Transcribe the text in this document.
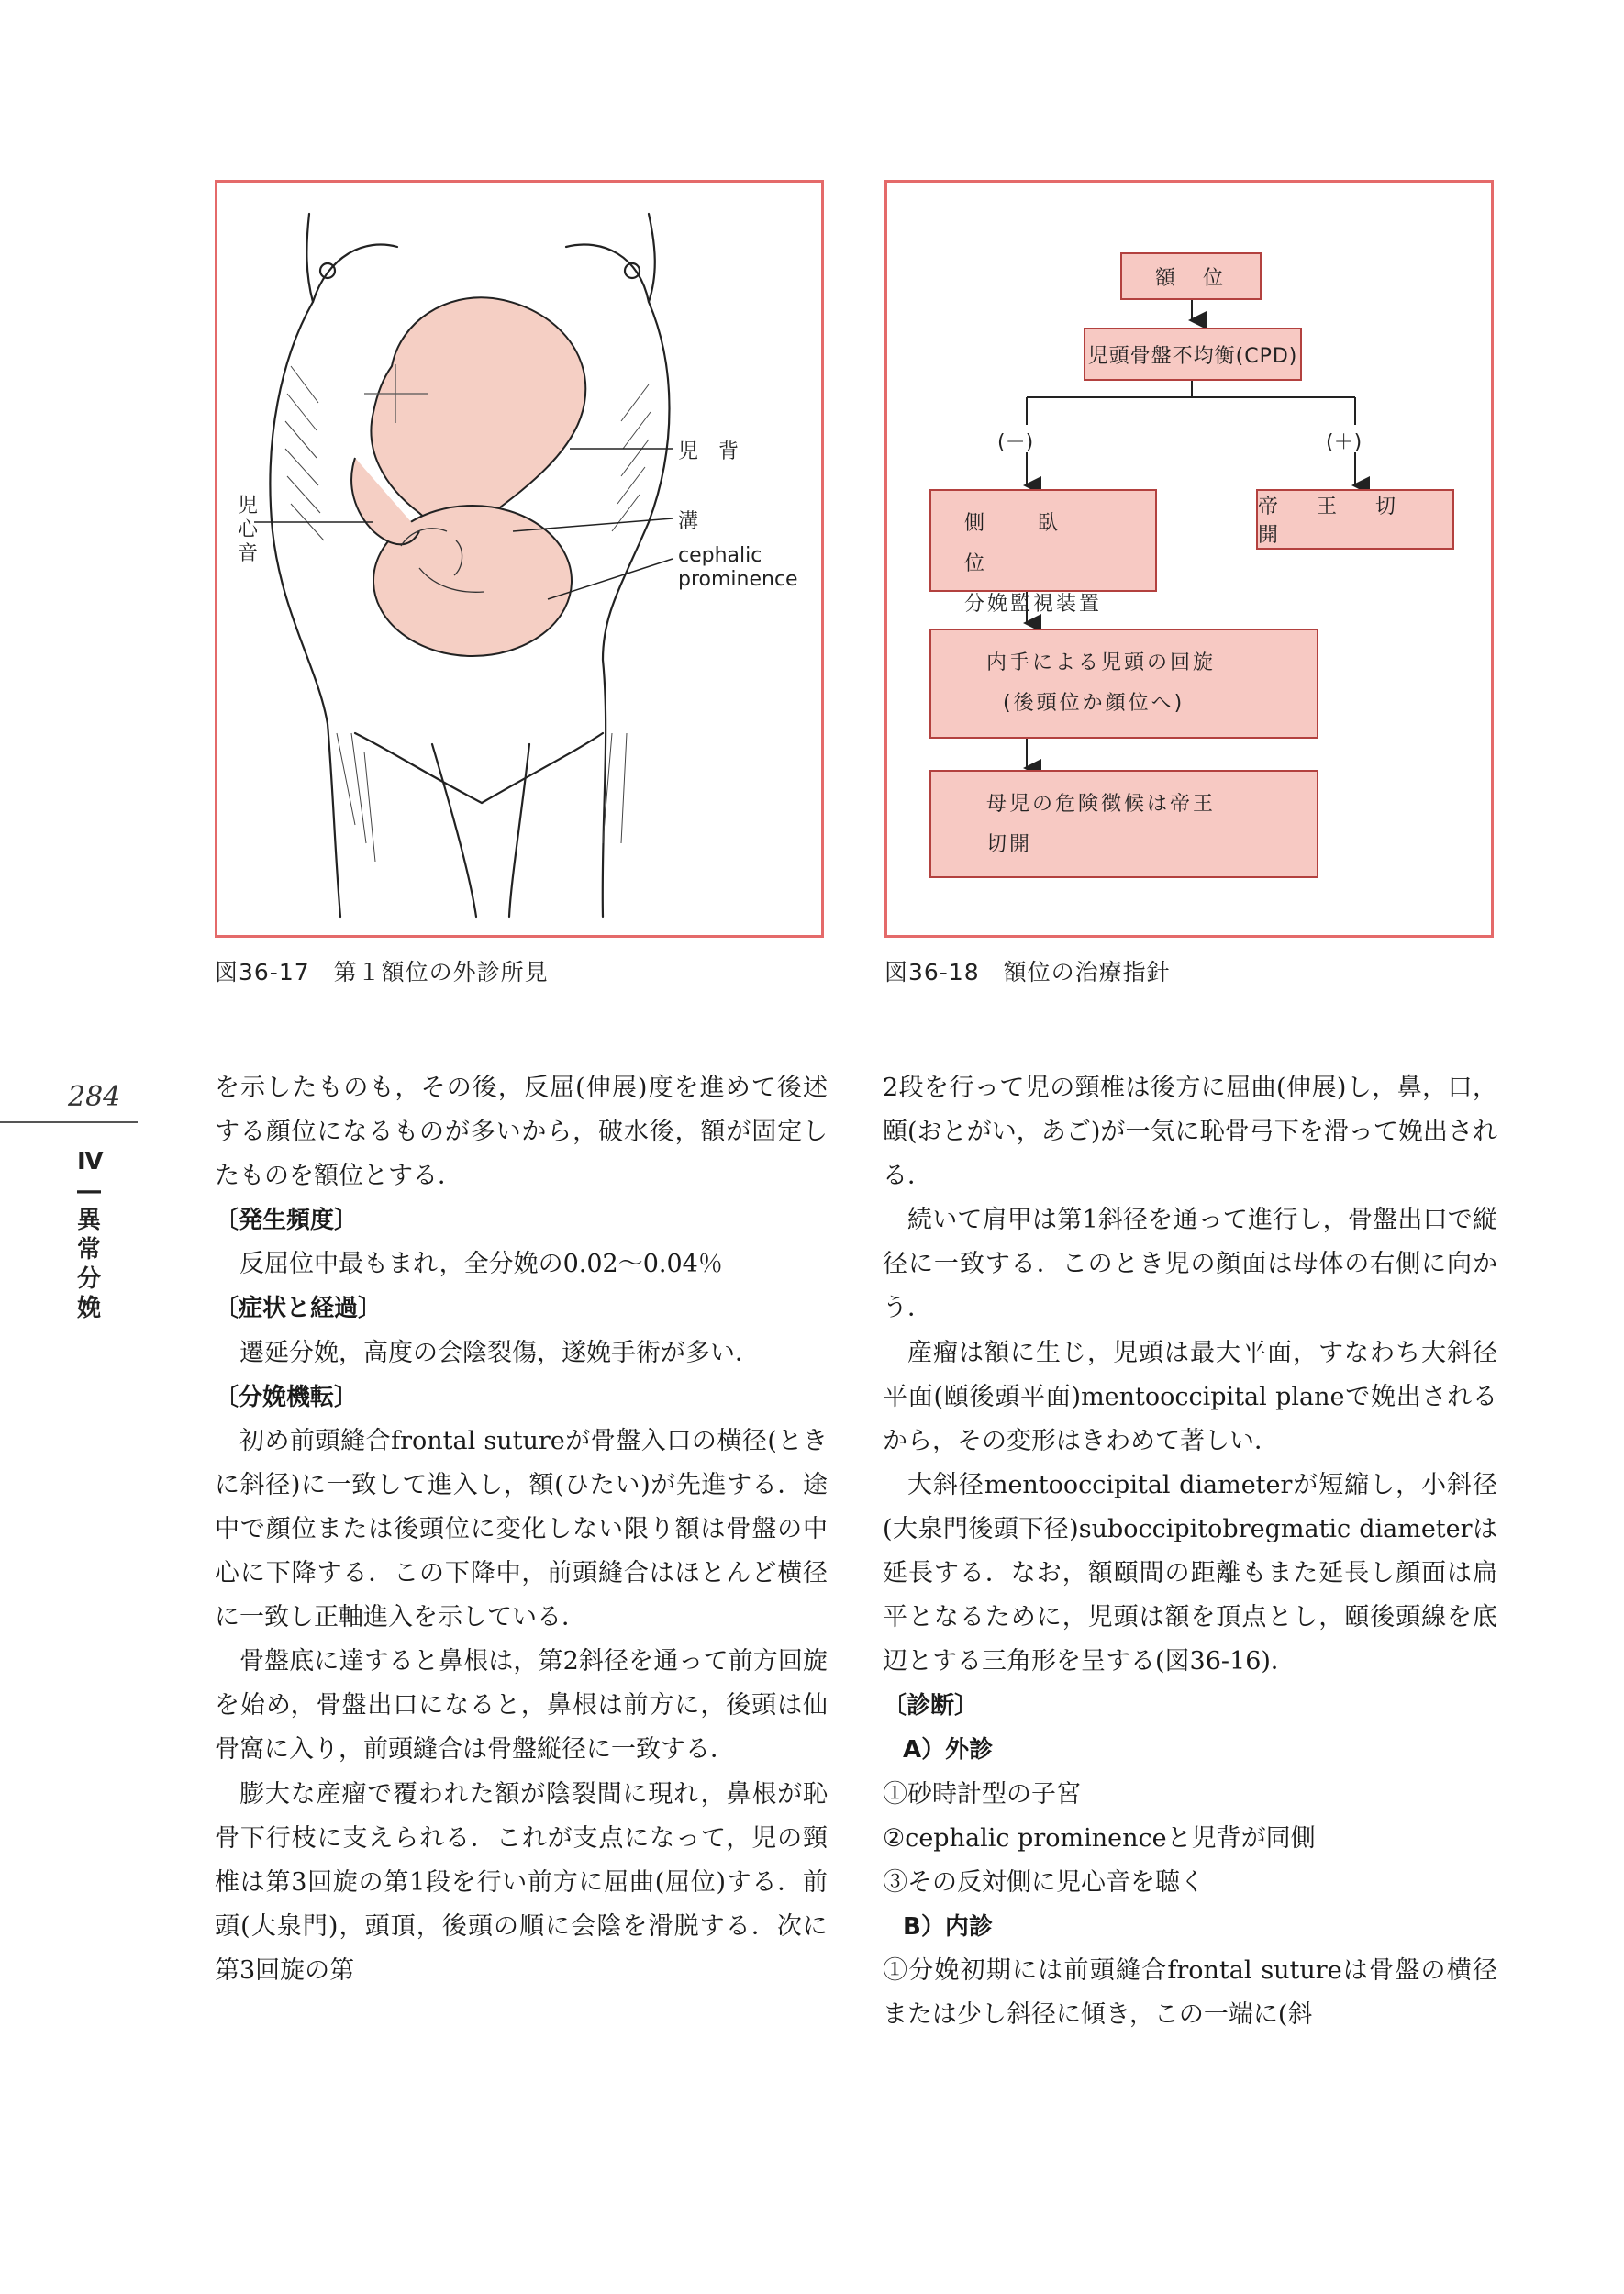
児　背
児
心
音
溝
cephalic
prominence
図36-17　第１額位の外診所見
額　位
児頭骨盤不均衡(CPD)
(－)	(＋)
側　臥　位
分娩監視装置
帝　王　切　開
内手による児頭の回旋
(後頭位か顔位へ)
母児の危険徴候は帝王
切開
図36-18　額位の治療指針
284
Ⅳ―異常分娩

を示したものも，その後，反屈(伸展)度を進めて後述する顔位になるものが多いから，破水後，額が固定したものを額位とする．

〔発生頻度〕

反屈位中最もまれ，全分娩の0.02～0.04％

〔症状と経過〕

遷延分娩，高度の会陰裂傷，遂娩手術が多い．

〔分娩機転〕

初め前頭縫合frontal sutureが骨盤入口の横径(ときに斜径)に一致して進入し，額(ひたい)が先進する．途中で顔位または後頭位に変化しない限り額は骨盤の中心に下降する．この下降中，前頭縫合はほとんど横径に一致し正軸進入を示している．

骨盤底に達すると鼻根は，第2斜径を通って前方回旋を始め，骨盤出口になると，鼻根は前方に，後頭は仙骨窩に入り，前頭縫合は骨盤縦径に一致する．

膨大な産瘤で覆われた額が陰裂間に現れ，鼻根が恥骨下行枝に支えられる．これが支点になって，児の頸椎は第3回旋の第1段を行い前方に屈曲(屈位)する．前頭(大泉門)，頭頂，後頭の順に会陰を滑脱する．次に第3回旋の第

2段を行って児の頸椎は後方に屈曲(伸展)し，鼻，口，頤(おとがい，あご)が一気に恥骨弓下を滑って娩出される．

続いて肩甲は第1斜径を通って進行し，骨盤出口で縦径に一致する．このとき児の顔面は母体の右側に向かう．

産瘤は額に生じ，児頭は最大平面，すなわち大斜径平面(頤後頭平面)mentooccipital planeで娩出されるから，その変形はきわめて著しい．

大斜径mentooccipital diameterが短縮し，小斜径(大泉門後頭下径)suboccipitobregmatic diameterは延長する．なお，額頤間の距離もまた延長し顔面は扁平となるために，児頭は額を頂点とし，頤後頭線を底辺とする三角形を呈する(図36-16)．

〔診断〕
A）外診

①砂時計型の子宮

②cephalic prominenceと児背が同側

③その反対側に児心音を聴く

B）内診

①分娩初期には前頭縫合frontal sutureは骨盤の横径または少し斜径に傾き，この一端に(斜
